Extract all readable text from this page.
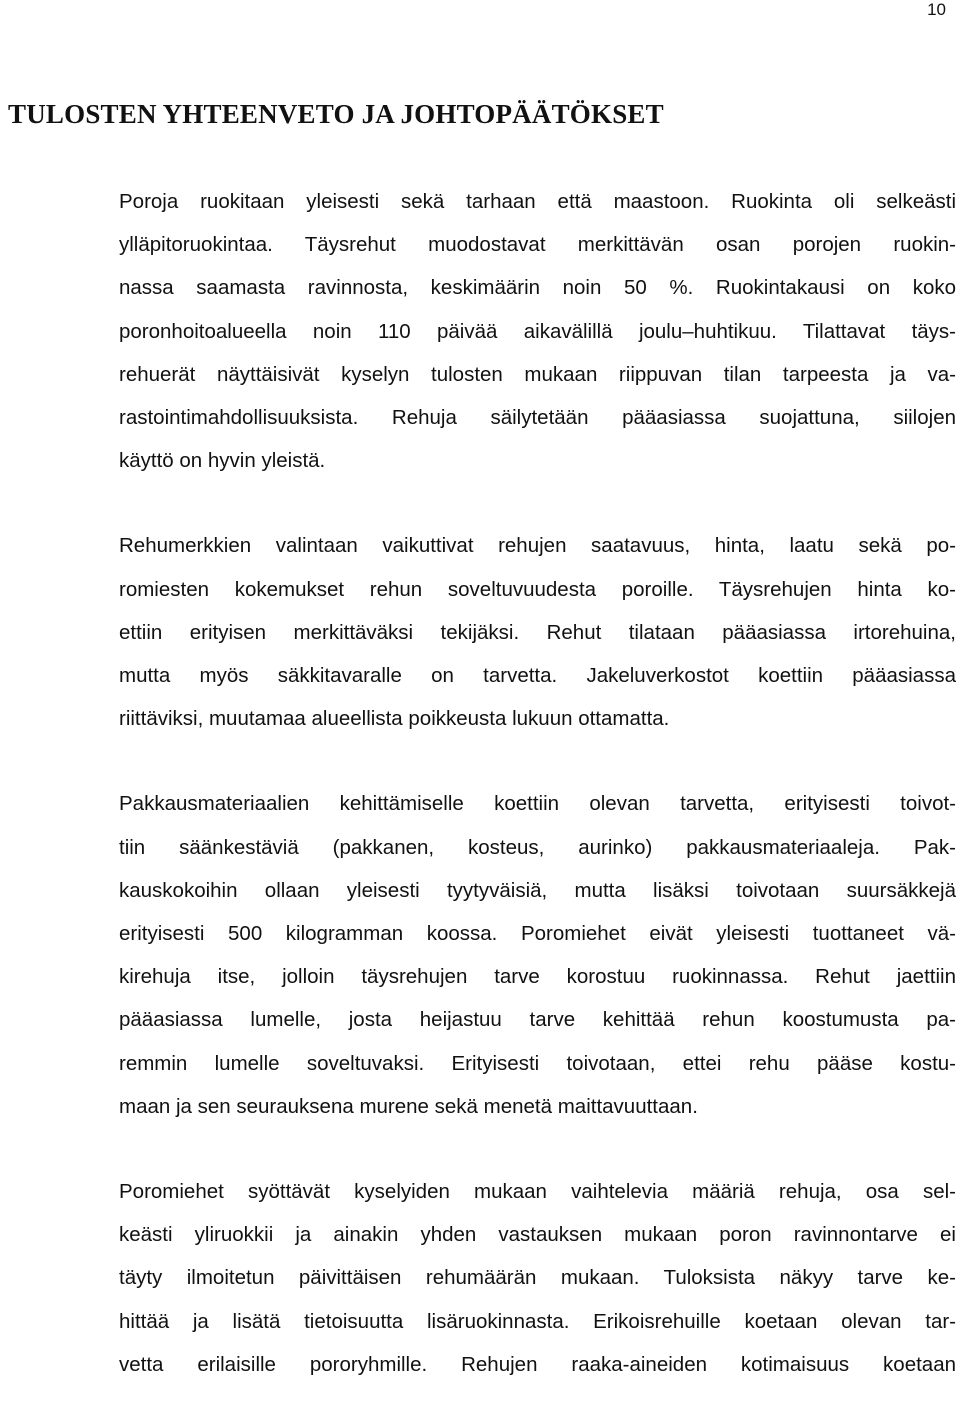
10
TULOSTEN YHTEENVETO JA JOHTOPÄÄTÖKSET
Poroja ruokitaan yleisesti sekä tarhaan että maastoon. Ruokinta oli selkeästi
ylläpitoruokintaa. Täysrehut muodostavat merkittävän osan porojen ruokin-
nassa saamasta ravinnosta, keskimäärin noin 50 %. Ruokintakausi on koko
poronhoitoalueella noin 110 päivää aikavälillä joulu–huhtikuu. Tilattavat täys-
rehuerät näyttäisivät kyselyn tulosten mukaan riippuvan tilan tarpeesta ja va-
rastointimahdollisuuksista. Rehuja säilytetään pääasiassa suojattuna, siilojen
käyttö on hyvin yleistä.
Rehumerkkien valintaan vaikuttivat rehujen saatavuus, hinta, laatu sekä po-
romiesten kokemukset rehun soveltuvuudesta poroille. Täysrehujen hinta ko-
ettiin erityisen merkittäväksi tekijäksi. Rehut tilataan pääasiassa irtorehuina,
mutta myös säkkitavaralle on tarvetta. Jakeluverkostot koettiin pääasiassa
riittäviksi, muutamaa alueellista poikkeusta lukuun ottamatta.
Pakkausmateriaalien kehittämiselle koettiin olevan tarvetta, erityisesti toivot-
tiin säänkestäviä (pakkanen, kosteus, aurinko) pakkausmateriaaleja. Pak-
kauskokoihin ollaan yleisesti tyytyväisiä, mutta lisäksi toivotaan suursäkkejä
erityisesti 500 kilogramman koossa. Poromiehet eivät yleisesti tuottaneet vä-
kirehuja itse, jolloin täysrehujen tarve korostuu ruokinnassa. Rehut jaettiin
pääasiassa lumelle, josta heijastuu tarve kehittää rehun koostumusta pa-
remmin lumelle soveltuvaksi. Erityisesti toivotaan, ettei rehu pääse kostu-
maan ja sen seurauksena murene sekä menetä maittavuuttaan.
Poromiehet syöttävät kyselyiden mukaan vaihtelevia määriä rehuja, osa sel-
keästi yliruokkii ja ainakin yhden vastauksen mukaan poron ravinnontarve ei
täyty ilmoitetun päivittäisen rehumäärän mukaan. Tuloksista näkyy tarve ke-
hittää ja lisätä tietoisuutta lisäruokinnasta. Erikoisrehuille koetaan olevan tar-
vetta erilaisille pororyhmille. Rehujen raaka-aineiden kotimaisuus koetaan
